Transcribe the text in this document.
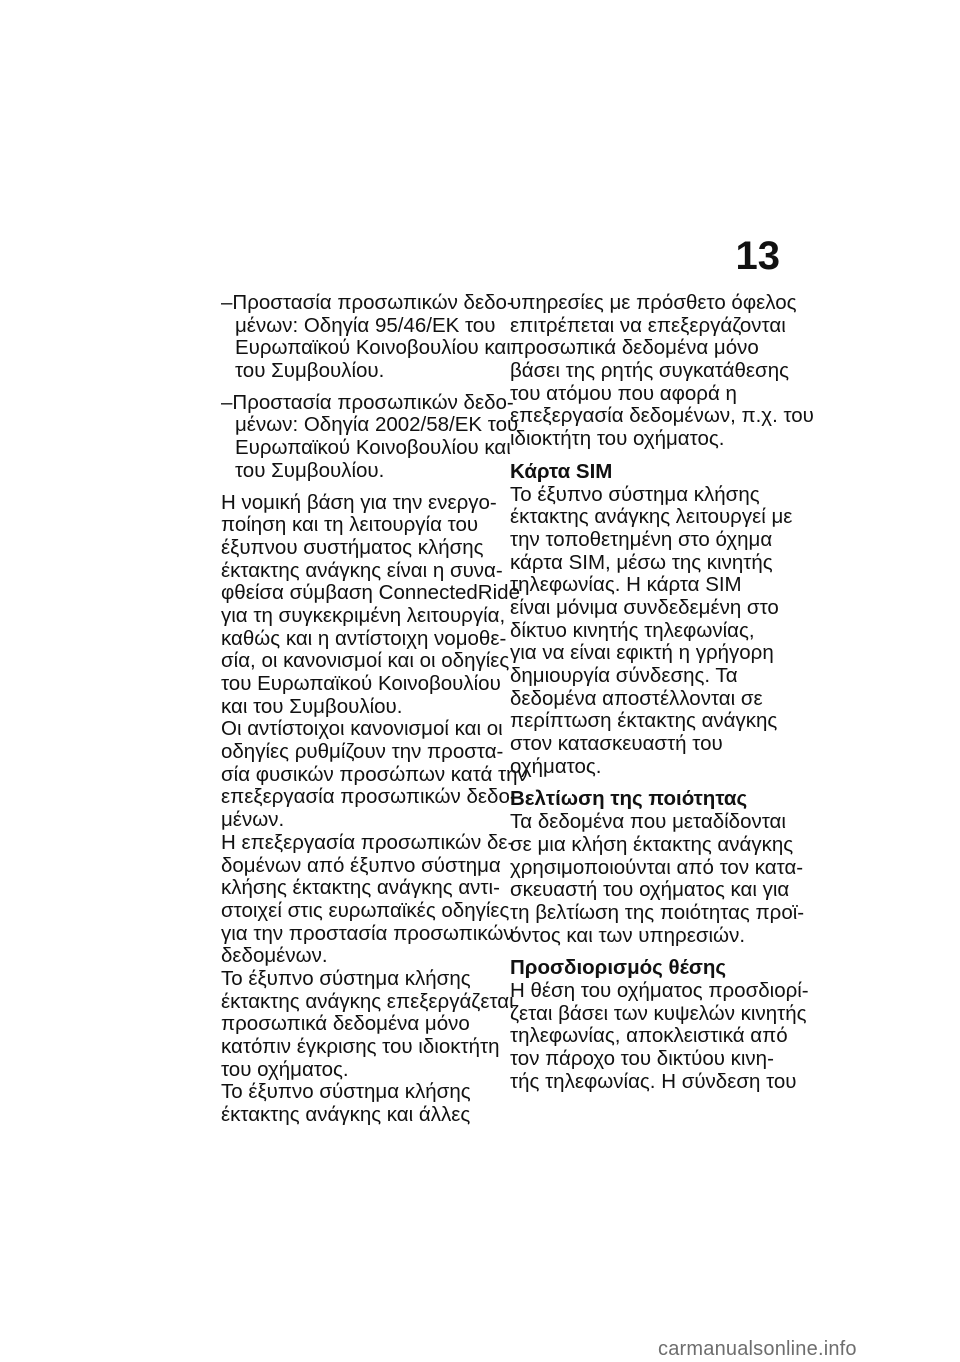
13
–Προστασία προσωπικών δεδο-
μένων: Οδηγία 95/46/ΕΚ του
Ευρωπαϊκού Κοινοβουλίου και
του Συμβουλίου.
–Προστασία προσωπικών δεδο-
μένων: Οδηγία 2002/58/ΕΚ του
Ευρωπαϊκού Κοινοβουλίου και
του Συμβουλίου.
Η νομική βάση για την ενεργο-
ποίηση και τη λειτουργία του
έξυπνου συστήματος κλήσης
έκτακτης ανάγκης είναι η συνα-
φθείσα σύμβαση ConnectedRide
για τη συγκεκριμένη λειτουργία,
καθώς και η αντίστοιχη νομοθε-
σία, οι κανονισμοί και οι οδηγίες
του Ευρωπαϊκού Κοινοβουλίου
και του Συμβουλίου.
Οι αντίστοιχοι κανονισμοί και οι
οδηγίες ρυθμίζουν την προστα-
σία φυσικών προσώπων κατά την
επεξεργασία προσωπικών δεδο-
μένων.
Η επεξεργασία προσωπικών δε-
δομένων από έξυπνο σύστημα
κλήσης έκτακτης ανάγκης αντι-
στοιχεί στις ευρωπαϊκές οδηγίες
για την προστασία προσωπικών
δεδομένων.
Το έξυπνο σύστημα κλήσης
έκτακτης ανάγκης επεξεργάζεται
προσωπικά δεδομένα μόνο
κατόπιν έγκρισης του ιδιοκτήτη
του οχήματος.
Το έξυπνο σύστημα κλήσης
έκτακτης ανάγκης και άλλες
υπηρεσίες με πρόσθετο όφελος
επιτρέπεται να επεξεργάζονται
προσωπικά δεδομένα μόνο
βάσει της ρητής συγκατάθεσης
του ατόμου που αφορά η
επεξεργασία δεδομένων, π.χ. του
ιδιοκτήτη του οχήματος.
Κάρτα SIM
Το έξυπνο σύστημα κλήσης
έκτακτης ανάγκης λειτουργεί με
την τοποθετημένη στο όχημα
κάρτα SIM, μέσω της κινητής
τηλεφωνίας. Η κάρτα SIM
είναι μόνιμα συνδεδεμένη στο
δίκτυο κινητής τηλεφωνίας,
για να είναι εφικτή η γρήγορη
δημιουργία σύνδεσης. Τα
δεδομένα αποστέλλονται σε
περίπτωση έκτακτης ανάγκης
στον κατασκευαστή του
οχήματος.
Βελτίωση της ποιότητας
Τα δεδομένα που μεταδίδονται
σε μια κλήση έκτακτης ανάγκης
χρησιμοποιούνται από τον κατα-
σκευαστή του οχήματος και για
τη βελτίωση της ποιότητας προϊ-
όντος και των υπηρεσιών.
Προσδιορισμός θέσης
Η θέση του οχήματος προσδιορί-
ζεται βάσει των κυψελών κινητής
τηλεφωνίας, αποκλειστικά από
τον πάροχο του δικτύου κινη-
τής τηλεφωνίας. Η σύνδεση του
carmanualsonline.info
